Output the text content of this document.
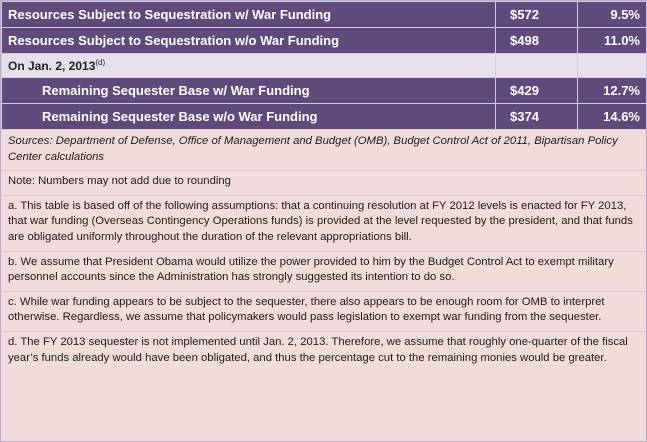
Resources Subject to Sequestration w/ War Funding	$572	9.5%
Resources Subject to Sequestration w/o War Funding	$498	11.0%
On Jan. 2, 2013$^{(d)}$		
Remaining Sequester Base w/ War Funding	$429	12.7%
Remaining Sequester Base w/o War Funding	$374	14.6%

Sources: Department of Defense, Office of Management and Budget (OMB), Budget Control Act of 2011, Bipartisan Policy Center calculations

Note: Numbers may not add due to rounding

a. This table is based off of the following assumptions: that a continuing resolution at FY 2012 levels is enacted for FY 2013, that war funding (Overseas Contingency Operations funds) is provided at the level requested by the president, and that funds are obligated uniformly throughout the duration of the relevant appropriations bill.

b. We assume that President Obama would utilize the power provided to him by the Budget Control Act to exempt military personnel accounts since the Administration has strongly suggested its intention to do so.

c. While war funding appears to be subject to the sequester, there also appears to be enough room for OMB to interpret otherwise. Regardless, we assume that policymakers would pass legislation to exempt war funding from the sequester.

d. The FY 2013 sequester is not implemented until Jan. 2, 2013. Therefore, we assume that roughly one-quarter of the fiscal year’s funds already would have been obligated, and thus the percentage cut to the remaining monies would be greater.
